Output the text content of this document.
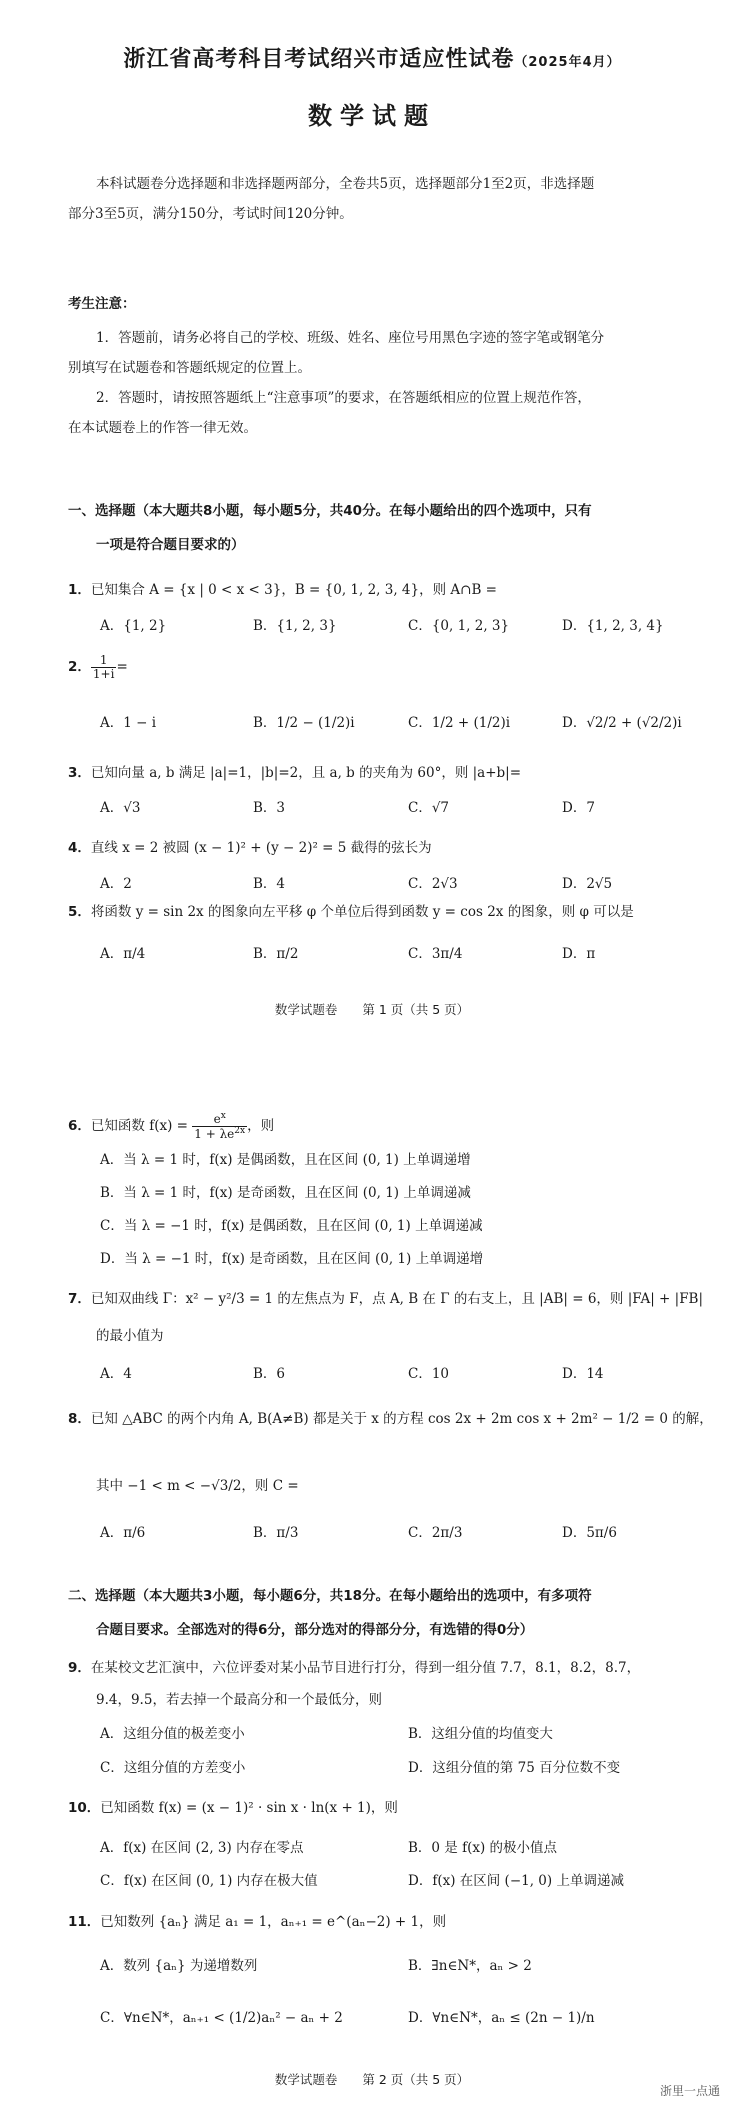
浙江省高考科目考试绍兴市适应性试卷（2025年4月）
数学试题
本科试题卷分选择题和非选择题两部分，全卷共5页，选择题部分1至2页，非选择题
部分3至5页，满分150分，考试时间120分钟。
考生注意：
1．答题前，请务必将自己的学校、班级、姓名、座位号用黑色字迹的签字笔或钢笔分
别填写在试题卷和答题纸规定的位置上。
2．答题时，请按照答题纸上“注意事项”的要求，在答题纸相应的位置上规范作答，
在本试题卷上的作答一律无效。
一、选择题（本大题共8小题，每小题5分，共40分。在每小题给出的四个选项中，只有
一项是符合题目要求的）
1．已知集合 A = {x | 0 < x < 3}，B = {0, 1, 2, 3, 4}，则 A∩B =
A．{1, 2}	B．{1, 2, 3}	C．{0, 1, 2, 3}	D．{1, 2, 3, 4}
2． $\frac{1}{1+i}$ =
A．1 − i	B．1/2 − (1/2)i	C．1/2 + (1/2)i	D．√2/2 + (√2/2)i
3．已知向量 a, b 满足 |a|=1，|b|=2，且 a, b 的夹角为 60°，则 |a+b|=
A．√3	B．3	C．√7	D．7
4．直线 x = 2 被圆 (x − 1)² + (y − 2)² = 5 截得的弦长为
A．2	B．4	C．2√3	D．2√5
5．将函数 y = sin 2x 的图象向左平移 φ 个单位后得到函数 y = cos 2x 的图象，则 φ 可以是
A．π/4	B．π/2	C．3π/4	D．π
数学试题卷　　第 1 页（共 5 页）
6．已知函数 $f(x) = \frac{e^x}{1 + \lambda e^{2x}}$ ，则
A．当 λ = 1 时，f(x) 是偶函数，且在区间 (0, 1) 上单调递增
B．当 λ = 1 时，f(x) 是奇函数，且在区间 (0, 1) 上单调递减
C．当 λ = −1 时，f(x) 是偶函数，且在区间 (0, 1) 上单调递减
D．当 λ = −1 时，f(x) 是奇函数，且在区间 (0, 1) 上单调递增
7．已知双曲线 Γ：x² − y²/3 = 1 的左焦点为 F，点 A, B 在 Γ 的右支上，且 |AB| = 6，则 |FA| + |FB|
的最小值为
A．4	B．6	C．10	D．14
8．已知 △ABC 的两个内角 A, B(A≠B) 都是关于 x 的方程 cos 2x + 2m cos x + 2m² − 1/2 = 0 的解，
其中 −1 < m < −√3/2，则 C =
A．π/6	B．π/3	C．2π/3	D．5π/6
二、选择题（本大题共3小题，每小题6分，共18分。在每小题给出的选项中，有多项符
合题目要求。全部选对的得6分，部分选对的得部分分，有选错的得0分）
9．在某校文艺汇演中，六位评委对某小品节目进行打分，得到一组分值 7.7，8.1，8.2，8.7，
9.4，9.5，若去掉一个最高分和一个最低分，则
A．这组分值的极差变小	B．这组分值的均值变大
C．这组分值的方差变小	D．这组分值的第 75 百分位数不变
10．已知函数 f(x) = (x − 1)² · sin x · ln(x + 1)，则
A．f(x) 在区间 (2, 3) 内存在零点	B．0 是 f(x) 的极小值点
C．f(x) 在区间 (0, 1) 内存在极大值	D．f(x) 在区间 (−1, 0) 上单调递减
11．已知数列 {aₙ} 满足 a₁ = 1，aₙ₊₁ = e^(aₙ−2) + 1，则
A．数列 {aₙ} 为递增数列	B．∃n∈N*，aₙ > 2
C．∀n∈N*，aₙ₊₁ < (1/2)aₙ² − aₙ + 2	D．∀n∈N*，aₙ ≤ (2n − 1)/n
数学试题卷　　第 2 页（共 5 页）
浙里一点通
